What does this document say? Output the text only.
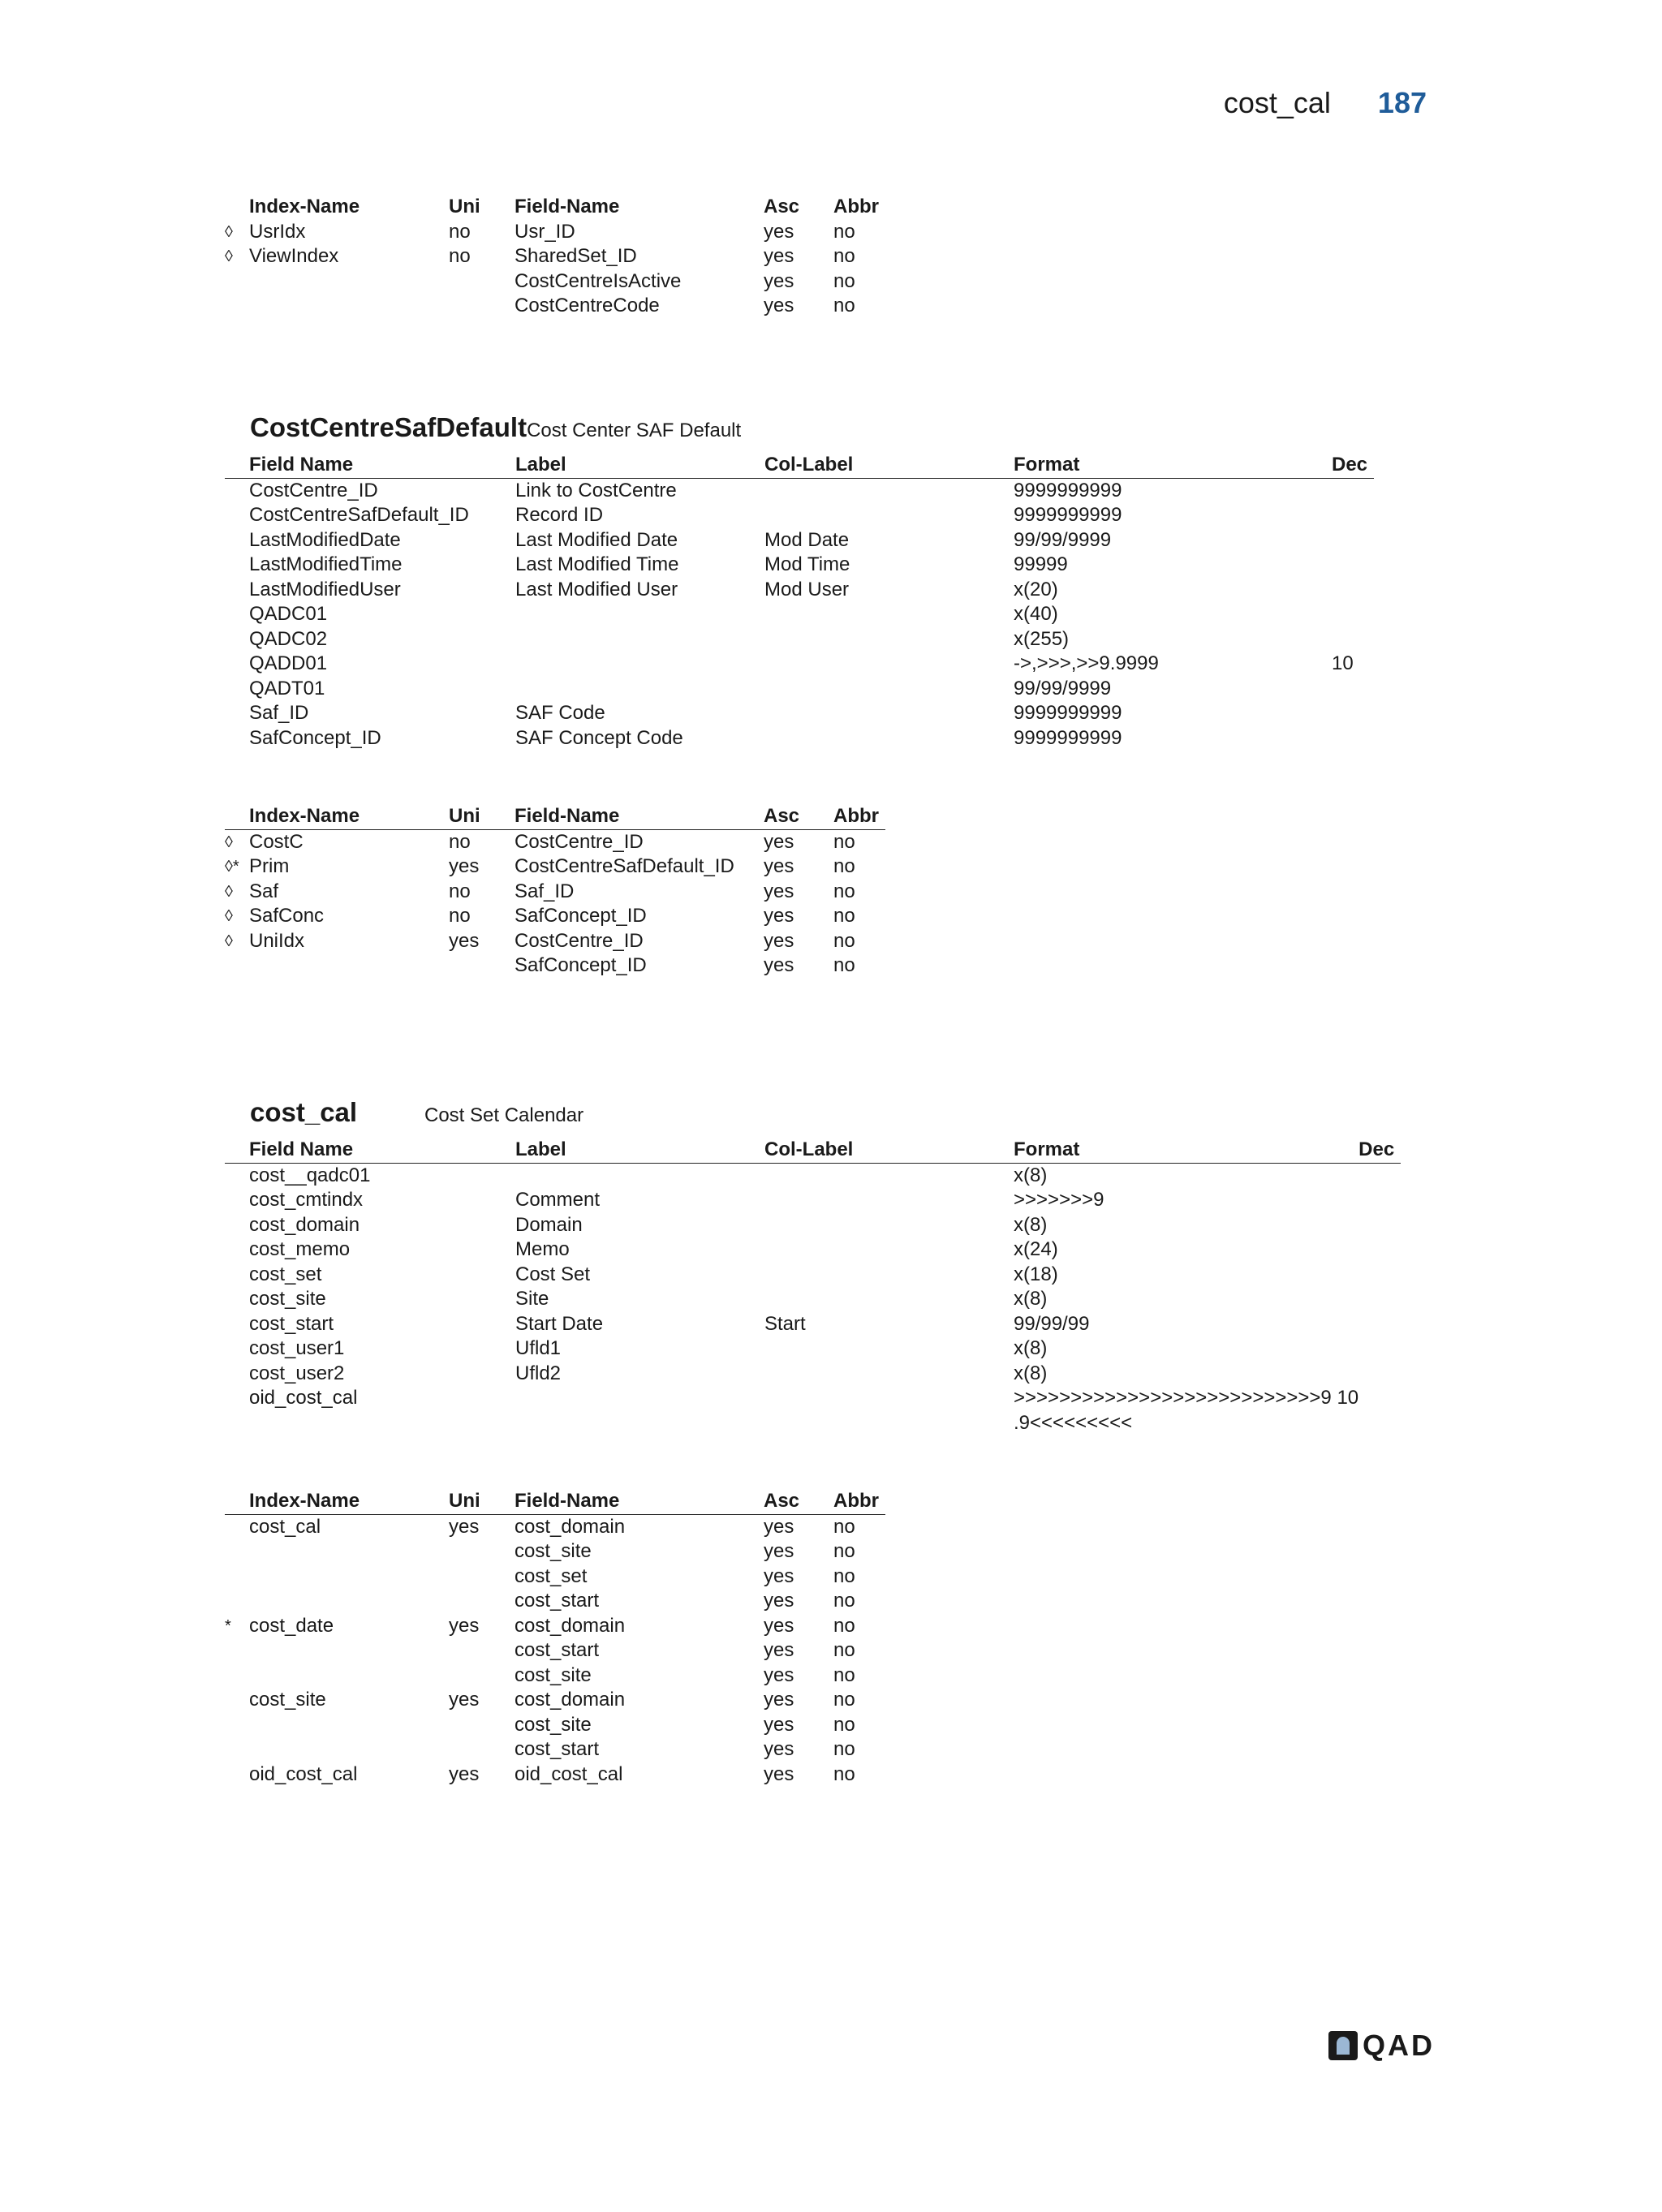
cost_cal 187
	Index-Name	Uni	Field-Name	Asc	Abbr
◊	UsrIdx	no	Usr_ID	yes	no
◊	ViewIndex	no	SharedSet_ID	yes	no
			CostCentreIsActive	yes	no
			CostCentreCode	yes	no
CostCentreSafDefault Cost Center SAF Default
	Field Name	Label	Col-Label	Format	Dec
	CostCentre_ID	Link to CostCentre		9999999999	
	CostCentreSafDefault_ID	Record ID		9999999999	
	LastModifiedDate	Last Modified Date	Mod Date	99/99/9999	
	LastModifiedTime	Last Modified Time	Mod Time	99999	
	LastModifiedUser	Last Modified User	Mod User	x(20)	
	QADC01			x(40)	
	QADC02			x(255)	
	QADD01			->,>>>,>>9.9999	10
	QADT01			99/99/9999	
	Saf_ID	SAF Code		9999999999	
	SafConcept_ID	SAF Concept Code		9999999999	
	Index-Name	Uni	Field-Name	Asc	Abbr
◊	CostC	no	CostCentre_ID	yes	no
◊*	Prim	yes	CostCentreSafDefault_ID	yes	no
◊	Saf	no	Saf_ID	yes	no
◊	SafConc	no	SafConcept_ID	yes	no
◊	UniIdx	yes	CostCentre_ID	yes	no
			SafConcept_ID	yes	no
cost_cal	Cost Set Calendar
	Field Name	Label	Col-Label	Format	Dec
	cost__qadc01			x(8)	
	cost_cmtindx	Comment		>>>>>>>9	
	cost_domain	Domain		x(8)	
	cost_memo	Memo		x(24)	
	cost_set	Cost Set		x(18)	
	cost_site	Site		x(8)	
	cost_start	Start Date	Start	99/99/99	
	cost_user1	Ufld1		x(8)	
	cost_user2	Ufld2		x(8)	
	oid_cost_cal			>>>>>>>>>>>>>>>>>>>>>>>>>>>9 10	
				.9<<<<<<<<<	
	Index-Name	Uni	Field-Name	Asc	Abbr
	cost_cal	yes	cost_domain	yes	no
			cost_site	yes	no
			cost_set	yes	no
			cost_start	yes	no
*	cost_date	yes	cost_domain	yes	no
			cost_start	yes	no
			cost_site	yes	no
	cost_site	yes	cost_domain	yes	no
			cost_site	yes	no
			cost_start	yes	no
	oid_cost_cal	yes	oid_cost_cal	yes	no
QAD
